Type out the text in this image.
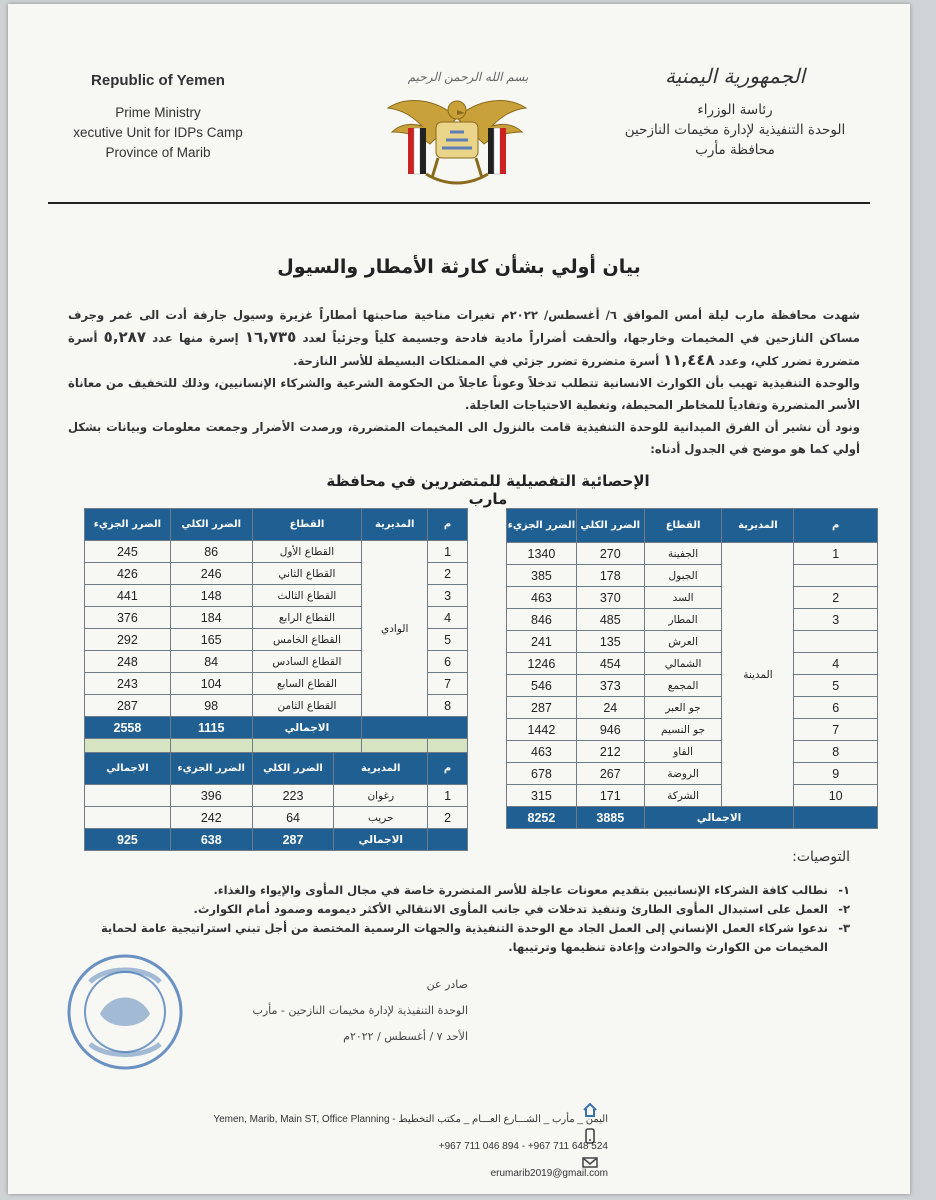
Republic of Yemen
Prime Ministry
xecutive Unit for IDPs Camp
Province of Marib
بسم الله الرحمن الرحيم	الجمهورية اليمنية
رئاسة الوزراء
الوحدة التنفيذية لإدارة مخيمات النازحين
محافظة مأرب
بيان أولي بشأن كارثة الأمطار والسيول

شهدت محافظة مارب ليلة أمس الموافق ٦/ أغسطس/ ٢٠٢٢م تغيرات مناخية صاحبتها أمطاراً غزيرة وسيول جارفة أدت الى غمر وجرف مساكن النازحين في المخيمات وخارجها، وألحقت أضراراً مادية فادحة وجسيمة كلياً وجزئياً لعدد ١٦,٧٣٥ إسرة منها عدد ٥,٢٨٧ أسرة متضررة تضرر كلي، وعدد ١١,٤٤٨ أسرة متضررة تضرر جزئي في الممتلكات البسيطة للأسر النازحة.

والوحدة التنفيذية تهيب بأن الكوارث الانسانية تتطلب تدخلاً وعوناً عاجلاً من الحكومة الشرعية والشركاء الإنسانيين، وذلك للتخفيف من معاناة الأسر المتضررة وتفادياً للمخاطر المحيطة، وتغطية الاحتياجات العاجلة.

ونود أن نشير أن الفرق الميدانية للوحدة التنفيذية قامت بالنزول الى المخيمات المتضررة، ورصدت الأضرار وجمعت معلومات وبيانات بشكل أولي كما هو موضح في الجدول أدناه:

الإحصائية التفصيلية للمتضررين في محافظة مارب
م	المديرية	القطاع	الضرر الكلي	الضرر الجزيء
1	المدينة	الجفينة	270	1340
		الجبول	178	385
2		السد	370	463
3		المطار	485	846
		العرش	135	241
4		الشمالي	454	1246
5		المجمع	373	546
6		جو العبر	24	287
7		جو النسيم	946	1442
8		الفاو	212	463
9		الروضة	267	678
10		الشركة	171	315
	الاجمالي		3885	8252
م	المديرية	القطاع	الضرر الكلي	الضرر الجزيء
1	الوادي	القطاع الأول	86	245
2		القطاع الثاني	246	426
3		القطاع الثالث	148	441
4		القطاع الرابع	184	376
5		القطاع الخامس	165	292
6		القطاع السادس	84	248
7		القطاع السابع	104	243
8		القطاع الثامن	98	287
		الاجمالي	1115	2558

م	المديرية	الضرر الكلي	الضرر الجزيء	الاجمالي
1	رغوان	223	396	
2	حريب	64	242	
	الاجمالي	287	638	925
التوصيات:
١-
نطالب كافة الشركاء الإنسانيين بتقديم معونات عاجلة للأسر المتضررة خاصة في مجال المأوى والإيواء والغذاء.
٢-
العمل على استبدال المأوى الطارئ وتنفيذ تدخلات في جانب المأوى الانتقالي الأكثر ديمومه وصمود أمام الكوارث.
٣-
ندعوا شركاء العمل الإنساني إلى العمل الجاد مع الوحدة التنفيذية والجهات الرسمية المختصة من أجل تبني استراتيجية عامة لحماية المخيمات من الكوارث والحوادث وإعادة تنظيمها وترتيبها.
صادر عن
الوحدة التنفيذية لإدارة مخيمات النازحين - مأرب
الأحد ٧ / أغسطس / ٢٠٢٢م
Yemen, Marib, Main ST, Office Planning - اليمن _ مأرب _ الشـــارع العـــام _ مكتب التخطيط
+967 711 046 894 - +967 711 648 524
erumarib2019@gmail.com
